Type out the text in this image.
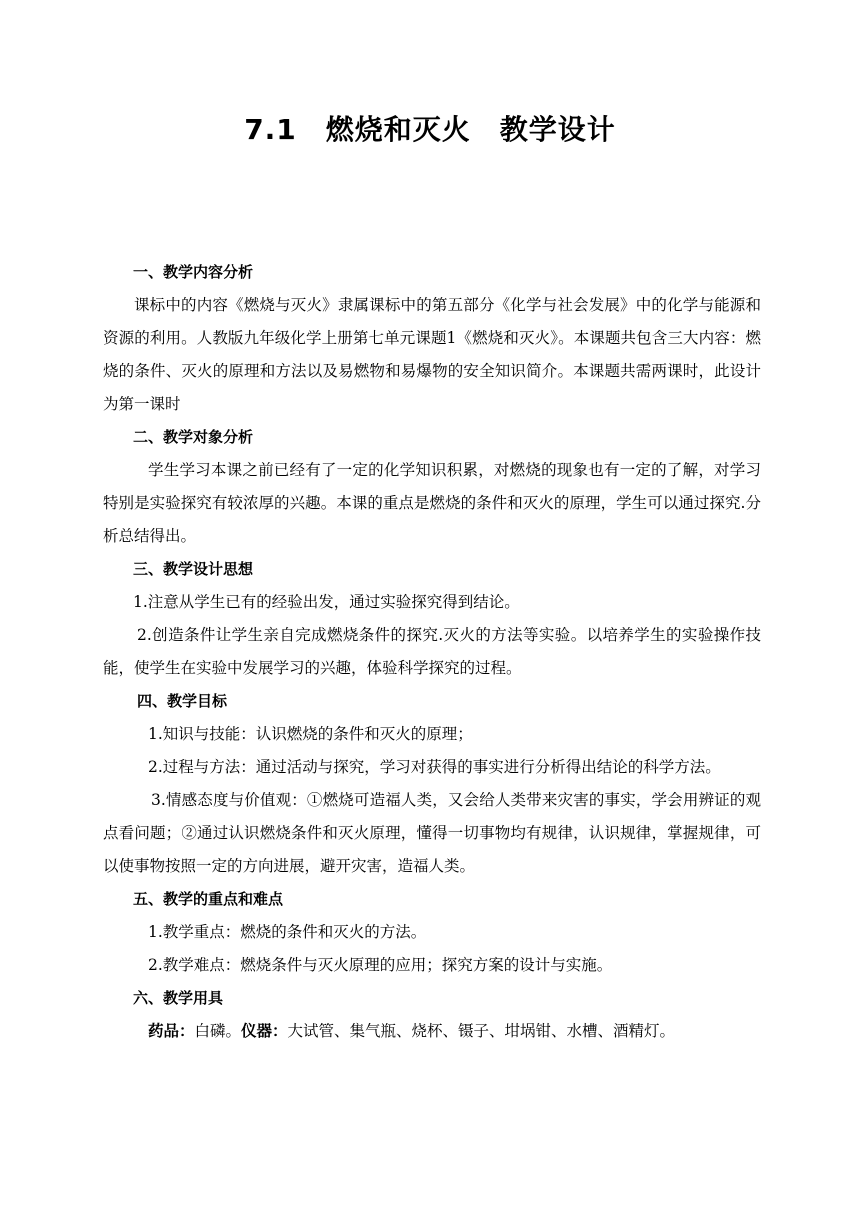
7.1　燃烧和灭火　教学设计

一、教学内容分析

课标中的内容《燃烧与灭火》隶属课标中的第五部分《化学与社会发展》中的化学与能源和资源的利用。人教版九年级化学上册第七单元课题1《燃烧和灭火》。本课题共包含三大内容：燃烧的条件、灭火的原理和方法以及易燃物和易爆物的安全知识简介。本课题共需两课时，此设计为第一课时

二、教学对象分析

学生学习本课之前已经有了一定的化学知识积累，对燃烧的现象也有一定的了解，对学习特别是实验探究有较浓厚的兴趣。本课的重点是燃烧的条件和灭火的原理，学生可以通过探究.分析总结得出。

三、教学设计思想

1.注意从学生已有的经验出发，通过实验探究得到结论。

2.创造条件让学生亲自完成燃烧条件的探究.灭火的方法等实验。以培养学生的实验操作技能，使学生在实验中发展学习的兴趣，体验科学探究的过程。

四、教学目标

1.知识与技能：认识燃烧的条件和灭火的原理；

2.过程与方法：通过活动与探究，学习对获得的事实进行分析得出结论的科学方法。

3.情感态度与价值观：①燃烧可造福人类，又会给人类带来灾害的事实，学会用辨证的观点看问题；②通过认识燃烧条件和灭火原理，懂得一切事物均有规律，认识规律，掌握规律，可以使事物按照一定的方向进展，避开灾害，造福人类。

五、教学的重点和难点

1.教学重点：燃烧的条件和灭火的方法。

2.教学难点：燃烧条件与灭火原理的应用；探究方案的设计与实施。

六、教学用具

药品：白磷。仪器：大试管、集气瓶、烧杯、镊子、坩埚钳、水槽、酒精灯。
